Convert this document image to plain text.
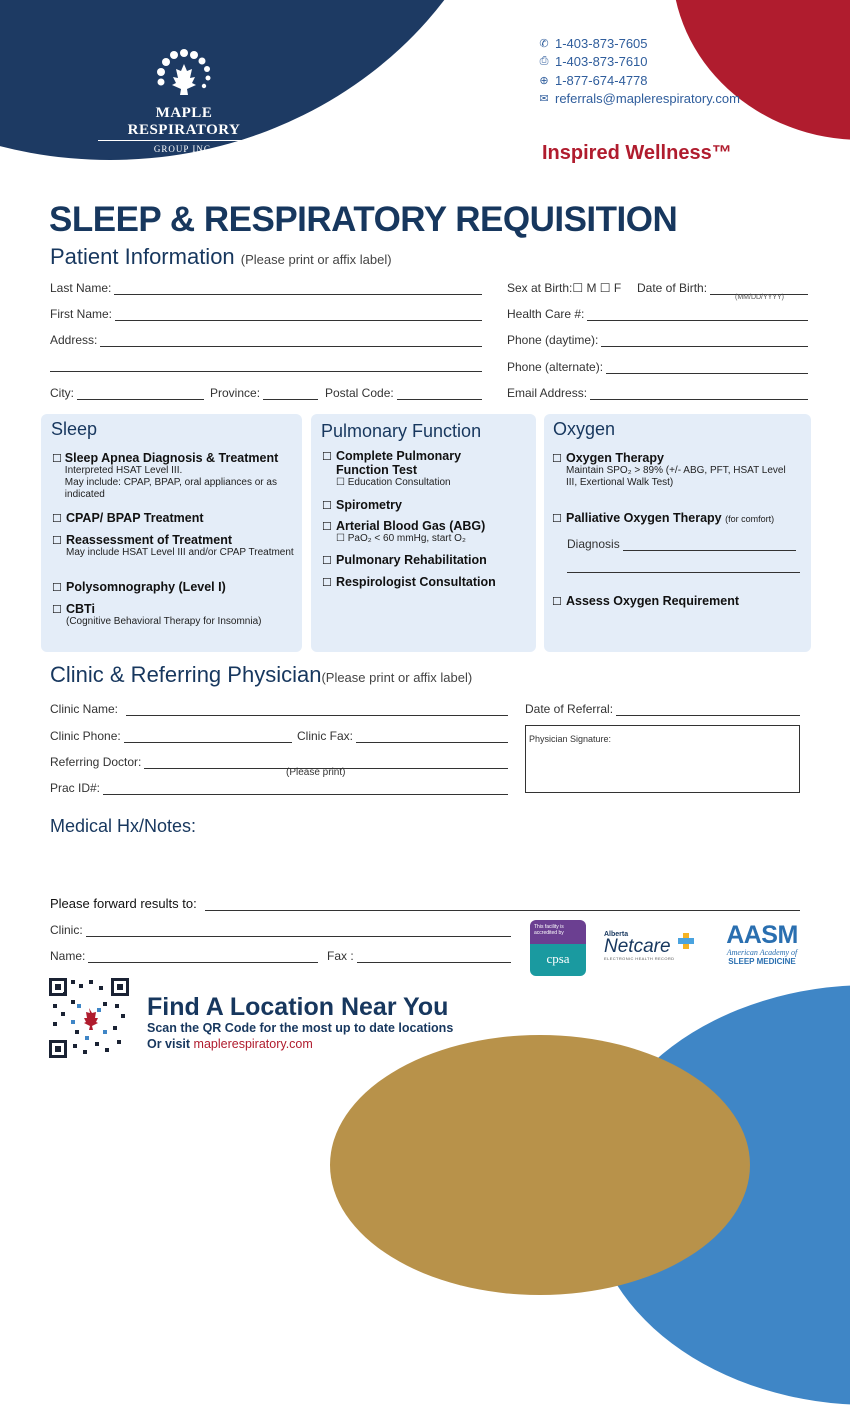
MAPLE RESPIRATORY
GROUP INC.
✆ 1-403-873-7605
⎙ 1-403-873-7610
⊕ 1-877-674-4778
✉ referrals@maplerespiratory.com
Inspired Wellness™
SLEEP & RESPIRATORY REQUISITION
Patient Information (Please print or affix label)
Last Name:
First Name:
Address:
City:	Province:	Postal Code:
Sex at Birth:☐ M ☐ F Date of Birth:
(MM/DD/YYYY)
Health Care #:
Phone (daytime):
Phone (alternate):
Email Address:
Sleep
☐ Sleep Apnea Diagnosis & Treatment
Interpreted HSAT Level III.
May include: CPAP, BPAP, oral appliances or as indicated
☐ CPAP/ BPAP Treatment
☐ Reassessment of Treatment
May include HSAT Level III and/or CPAP Treatment
☐ Polysomnography (Level I)
☐ CBTi
(Cognitive Behavioral Therapy for Insomnia)
Pulmonary Function
☐ Complete Pulmonary Function Test
☐ Education Consultation
☐ Spirometry
☐ Arterial Blood Gas (ABG)
☐ PaO₂ < 60 mmHg, start O₂
☐ Pulmonary Rehabilitation
☐ Respirologist Consultation
Oxygen
☐ Oxygen Therapy
Maintain SPO₂ > 89% (+/- ABG, PFT, HSAT Level III, Exertional Walk Test)
☐ Palliative Oxygen Therapy (for comfort)
Diagnosis
☐ Assess Oxygen Requirement
Clinic & Referring Physician(Please print or affix label)
Clinic Name:
Clinic Phone:	Clinic Fax:
Referring Doctor:
(Please print)
Prac ID#:
Date of Referral:
Physician Signature:
Medical Hx/Notes:
Please forward results to:
Clinic:
Name:	Fax :
This facility is accredited by
cpsa
Alberta
Netcare
ELECTRONIC HEALTH RECORD
AASM
American Academy of
SLEEP MEDICINE
Find A Location Near You
Scan the QR Code for the most up to date locations
Or visit maplerespiratory.com
